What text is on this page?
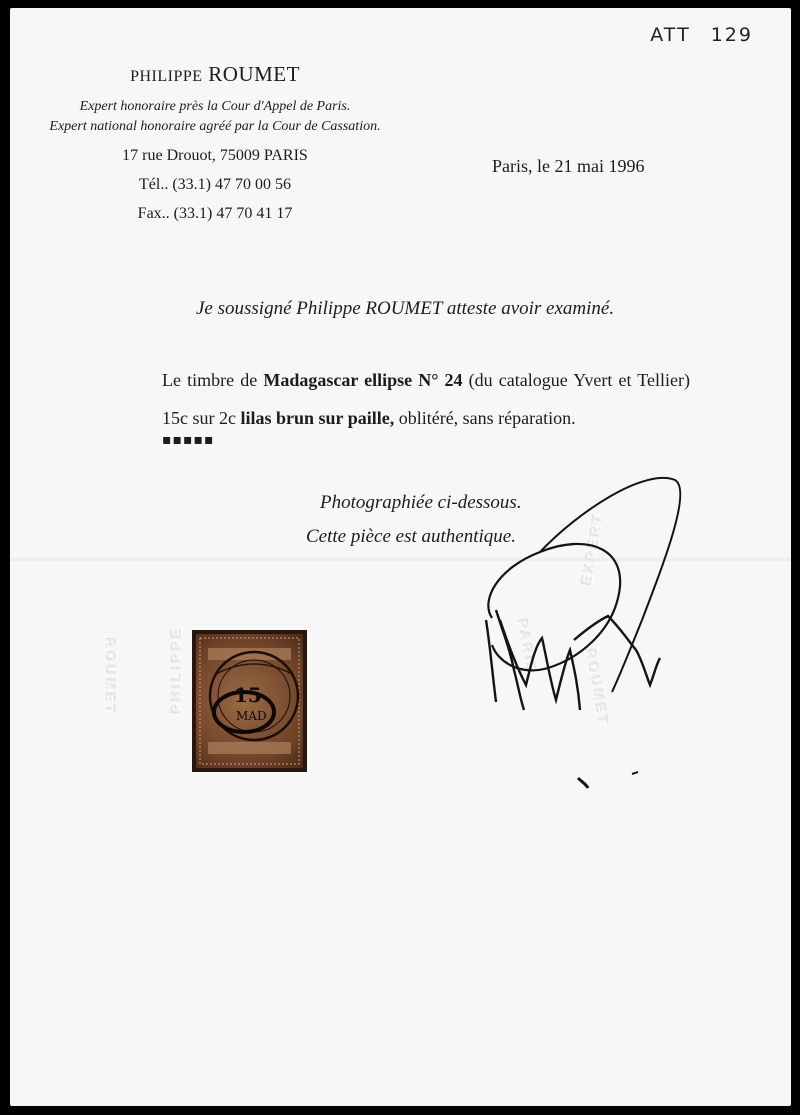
ATT 129
PHILIPPE ROUMET
Expert honoraire près la Cour d'Appel de Paris.
Expert national honoraire agréé par la Cour de Cassation.
17 rue Drouot, 75009 PARIS
Tél.. (33.1) 47 70 00 56
Fax.. (33.1) 47 70 41 17
Paris, le 21 mai 1996
Je soussigné Philippe ROUMET atteste avoir examiné.
Le timbre de Madagascar ellipse N° 24 (du catalogue Yvert et Tellier) 15c sur 2c lilas brun sur paille, oblitéré, sans réparation.
▪▪▪▪▪
Photographiée ci-dessous.
Cette pièce est authentique.
ROUMET	PHILIPPE
EXPERT
PARIS
ROUMET
15
MAD
